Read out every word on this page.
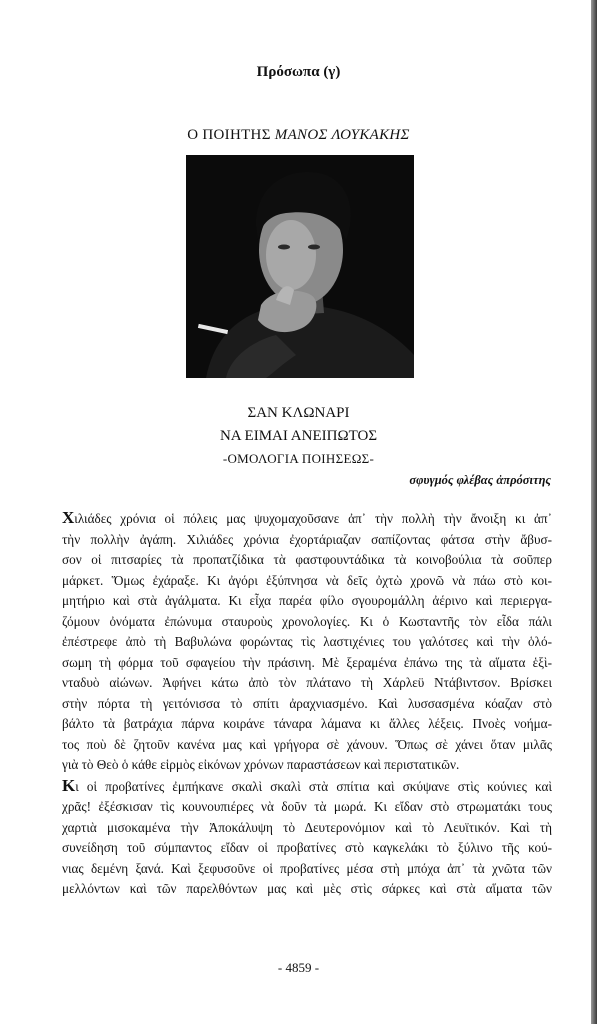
Πρόσωπα (γ)
Ο ΠΟΙΗΤΗΣ ΜΑΝΟΣ ΛΟΥΚΑΚΗΣ
ΣΑΝ ΚΛΩΝΑΡΙ
ΝΑ ΕΙΜΑΙ ΑΝΕΙΠΩΤΟΣ
-ΟΜΟΛΟΓΙΑ ΠΟΙΗΣΕΩΣ-
σφυγμός φλέβας ἀπρόσιτης

Χιλιάδες χρόνια οἱ πόλεις μας ψυχομαχοῦσανε ἀπ᾽ τὴν πολλὴ τὴν ἄνοιξη κι ἀπ᾽
τὴν πολλὴν ἀγάπη. Χιλιάδες χρόνια ἐχορτάριαζαν σαπίζοντας φάτσα στὴν ἄβυσ-
σον οἱ πιτσαρίες τὰ προπατζίδικα τὰ φαστφουντάδικα τὰ κοινοβούλια τὰ σοῦπερ
μάρκετ. Ὅμως ἐχάραξε. Κι ἀγόρι ἐξύπνησα νὰ δεῖς ὀχτὼ χρονῶ νὰ πάω στὸ κοι-
μητήριο καὶ στὰ ἀγάλματα. Κι εἶχα παρέα φίλο σγουρομάλλη ἀέρινο καὶ περιεργα-
ζόμουν ὀνόματα ἐπώνυμα σταυροὺς χρονολογίες. Κι ὁ Κωσταντῆς τὸν εἶδα πάλι
ἐπέστρεφε ἀπὸ τὴ Βαβυλώνα φορώντας τὶς λαστιχένιες του γαλότσες καὶ τὴν ὁλό-
σωμη τὴ φόρμα τοῦ σφαγείου τὴν πράσινη. Μὲ ξεραμένα ἐπάνω της τὰ αἵματα ἑξὶ-
νταδυὸ αἰώνων. Ἀφήνει κάτω ἀπὸ τὸν πλάτανο τὴ Χάρλεϋ Ντάβιντσον. Βρίσκει
στὴν πόρτα τὴ γειτόνισσα τὸ σπίτι ἀραχνιασμένο. Καὶ λυσσασμένα κόαζαν στὸ
βάλτο τὰ βατράχια πάρνα κοιράνε τάναρα λάμανα κι ἄλλες λέξεις. Πνοὲς νοήμα-
τος ποὺ δὲ ζητοῦν κανένα μας καὶ γρήγορα σὲ χάνουν. Ὅπως σὲ χάνει ὅταν μιλᾶς
γιὰ τὸ Θεὸ ὁ κάθε εἱρμὸς εἰκόνων χρόνων παραστάσεων καὶ περιστατικῶν.

Κι οἱ προβατίνες ἐμπήκανε σκαλὶ σκαλὶ στὰ σπίτια καὶ σκύψανε στὶς κούνιες καὶ
χρᾶς! ἐξέσκισαν τὶς κουνουπιέρες νὰ δοῦν τὰ μωρά. Κι εἴδαν στὸ στρωματάκι τους
χαρτιὰ μισοκαμένα τὴν Ἀποκάλυψη τὸ Δευτερονόμιον καὶ τὸ Λευϊτικόν. Καὶ τὴ
συνείδηση τοῦ σύμπαντος εἴδαν οἱ προβατίνες στὸ καγκελάκι τὸ ξύλινο τῆς κού-
νιας δεμένη ξανά. Καὶ ξεφυσοῦνε οἱ προβατίνες μέσα στὴ μπόχα ἀπ᾽ τὰ χνῶτα τῶν
μελλόντων καὶ τῶν παρελθόντων μας καὶ μὲς στὶς σάρκες καὶ στὰ αἵματα τῶν

- 4859 -
